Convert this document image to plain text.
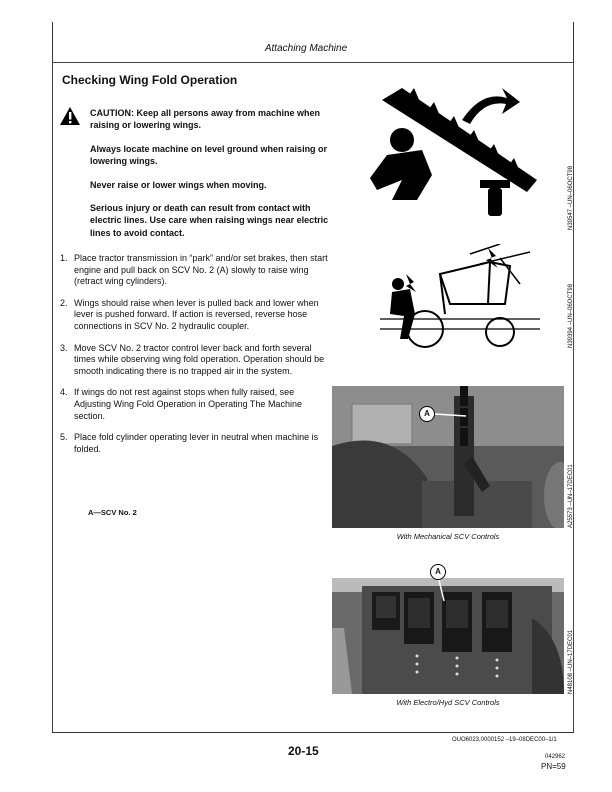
Attaching Machine
Checking Wing Fold Operation

CAUTION: Keep all persons away from machine when raising or lowering wings.

Always locate machine on level ground when raising or lowering wings.

Never raise or lower wings when moving.

Serious injury or death can result from contact with electric lines. Use care when raising wings near electric lines to avoid contact.

1. Place tractor transmission in “park” and/or set brakes, then start engine and pull back on SCV No. 2 (A) slowly to raise wing (retract wing cylinders).
2. Wings should raise when lever is pulled back and lower when lever is pushed forward. If action is reversed, reverse hose connections in SCV No. 2 hydraulic coupler.
3. Move SCV No. 2 tractor control lever back and forth several times while observing wing fold operation. Operation should be smooth indicating there is no trapped air in the system.
4. If wings do not rest against stops when fully raised, see Adjusting Wing Fold Operation in Operating The Machine section.
5. Place fold cylinder operating lever in neutral when machine is folded.
A—SCV No. 2
N39547 –UN–06OCT98
N39394 –UN–06OCT98
A
With Mechanical SCV Controls
A25573 –UN–17DEC01
A
With Electro/Hyd SCV Controls
N48108 –UN–17DEC01
OUO6023,0000152 –19–08DEC00–1/1
20-15	042962
PN=59
